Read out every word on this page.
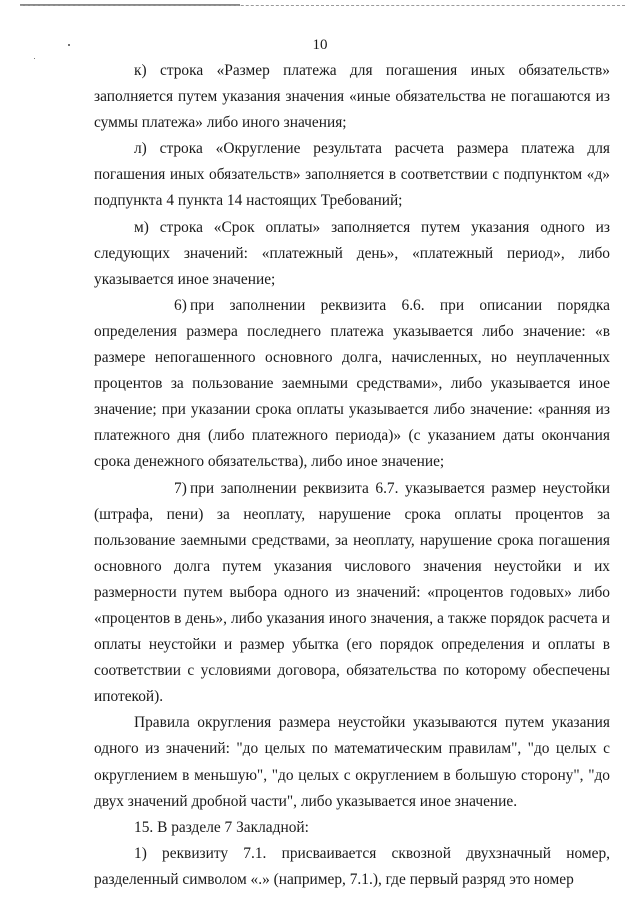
10

к) строка «Размер платежа для погашения иных обязательств» заполняется путем указания значения «иные обязательства не погашаются из суммы платежа» либо иного значения;

л) строка «Округление результата расчета размера платежа для погашения иных обязательств» заполняется в соответствии с подпунктом «д» подпункта 4 пункта 14 настоящих Требований;

м) строка «Срок оплаты» заполняется путем указания одного из следующих значений: «платежный день», «платежный период», либо указывается иное значение;

6) при заполнении реквизита 6.6. при описании порядка определения размера последнего платежа указывается либо значение: «в размере непогашенного основного долга, начисленных, но неуплаченных процентов за пользование заемными средствами», либо указывается иное значение; при указании срока оплаты указывается либо значение: «ранняя из платежного дня (либо платежного периода)» (с указанием даты окончания срока денежного обязательства), либо иное значение;

7) при заполнении реквизита 6.7. указывается размер неустойки (штрафа, пени) за неоплату, нарушение срока оплаты процентов за пользование заемными средствами, за неоплату, нарушение срока погашения основного долга путем указания числового значения неустойки и их размерности путем выбора одного из значений: «процентов годовых» либо «процентов в день», либо указания иного значения, а также порядок расчета и оплаты неустойки и размер убытка (его порядок определения и оплаты в соответствии с условиями договора, обязательства по которому обеспечены ипотекой).

Правила округления размера неустойки указываются путем указания одного из значений: "до целых по математическим правилам", "до целых с округлением в меньшую", "до целых с округлением в большую сторону", "до двух значений дробной части", либо указывается иное значение.

15. В разделе 7 Закладной:

1) реквизиту 7.1. присваивается сквозной двухзначный номер, разделенный символом «.» (например, 7.1.), где первый разряд это номер
